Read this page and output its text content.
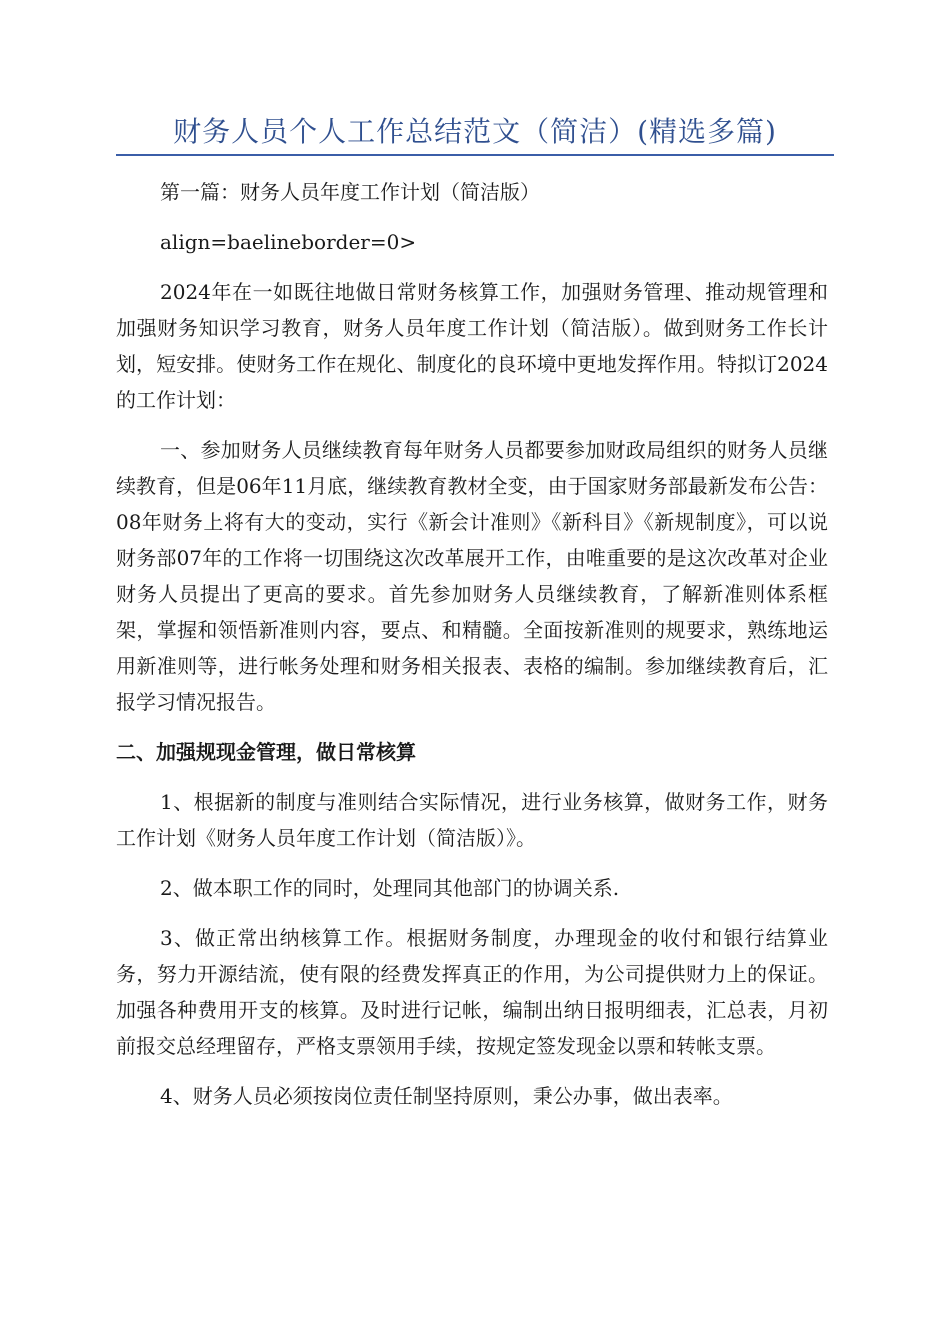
财务人员个人工作总结范文（简洁）(精选多篇)

第一篇：财务人员年度工作计划（简洁版）

align=baelineborder=0>

2024年在一如既往地做日常财务核算工作，加强财务管理、推动规管理和加强财务知识学习教育，财务人员年度工作计划（简洁版）。做到财务工作长计划，短安排。使财务工作在规化、制度化的良环境中更地发挥作用。特拟订2024的工作计划：

一、参加财务人员继续教育每年财务人员都要参加财政局组织的财务人员继续教育，但是06年11月底，继续教育教材全变，由于国家财务部最新发布公告：08年财务上将有大的变动，实行《新会计准则》《新科目》《新规制度》，可以说财务部07年的工作将一切围绕这次改革展开工作，由唯重要的是这次改革对企业财务人员提出了更高的要求。首先参加财务人员继续教育，了解新准则体系框架，掌握和领悟新准则内容，要点、和精髓。全面按新准则的规要求，熟练地运用新准则等，进行帐务处理和财务相关报表、表格的编制。参加继续教育后，汇报学习情况报告。

二、加强规现金管理，做日常核算

1、根据新的制度与准则结合实际情况，进行业务核算，做财务工作，财务工作计划《财务人员年度工作计划（简洁版）》。

2、做本职工作的同时，处理同其他部门的协调关系.

3、做正常出纳核算工作。根据财务制度，办理现金的收付和银行结算业务，努力开源结流，使有限的经费发挥真正的作用，为公司提供财力上的保证。加强各种费用开支的核算。及时进行记帐，编制出纳日报明细表，汇总表，月初前报交总经理留存，严格支票领用手续，按规定签发现金以票和转帐支票。

4、财务人员必须按岗位责任制坚持原则，秉公办事，做出表率。
